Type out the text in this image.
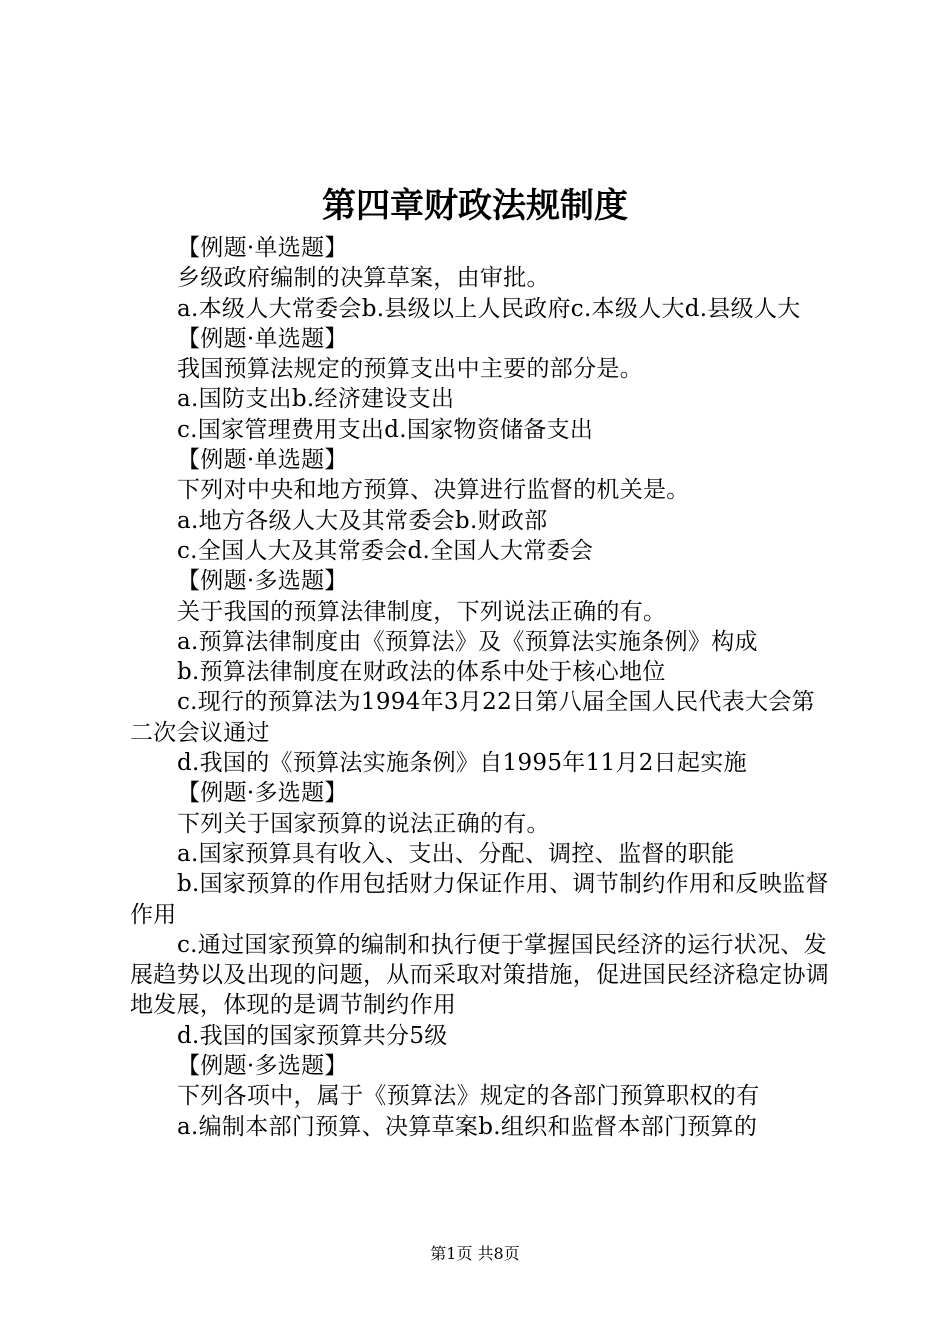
第四章财政法规制度

【例题·单选题】

乡级政府编制的决算草案，由审批。

a.本级人大常委会b.县级以上人民政府c.本级人大d.县级人大

【例题·单选题】

我国预算法规定的预算支出中主要的部分是。

a.国防支出b.经济建设支出

c.国家管理费用支出d.国家物资储备支出

【例题·单选题】

下列对中央和地方预算、决算进行监督的机关是。

a.地方各级人大及其常委会b.财政部

c.全国人大及其常委会d.全国人大常委会

【例题·多选题】

关于我国的预算法律制度，下列说法正确的有。

a.预算法律制度由《预算法》及《预算法实施条例》构成

b.预算法律制度在财政法的体系中处于核心地位

c.现行的预算法为1994年3月22日第八届全国人民代表大会第二次会议通过

d.我国的《预算法实施条例》自1995年11月2日起实施

【例题·多选题】

下列关于国家预算的说法正确的有。

a.国家预算具有收入、支出、分配、调控、监督的职能

b.国家预算的作用包括财力保证作用、调节制约作用和反映监督作用

c.通过国家预算的编制和执行便于掌握国民经济的运行状况、发展趋势以及出现的问题，从而采取对策措施，促进国民经济稳定协调地发展，体现的是调节制约作用

d.我国的国家预算共分5级

【例题·多选题】

下列各项中，属于《预算法》规定的各部门预算职权的有

a.编制本部门预算、决算草案b.组织和监督本部门预算的

第1页 共8页
